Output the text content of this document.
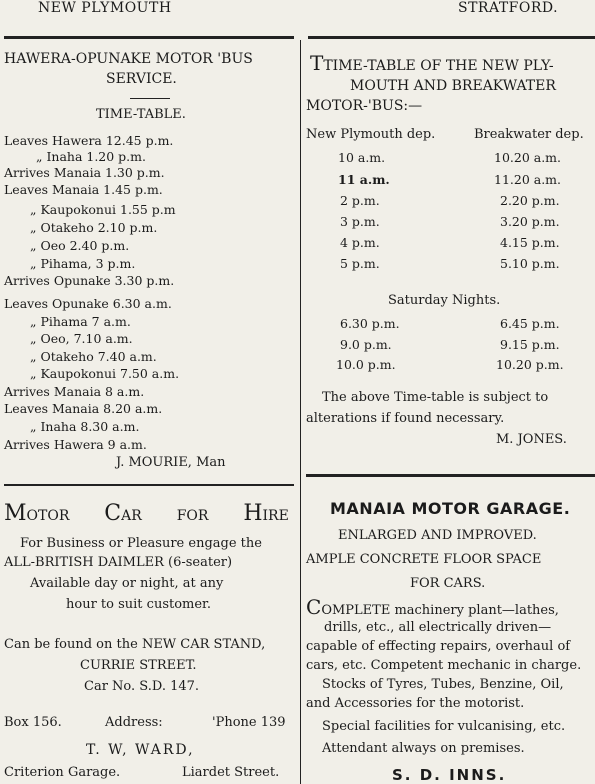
NEW PLYMOUTH	STRATFORD.
HAWERA-OPUNAKE MOTOR 'BUS
SERVICE.
TIME-TABLE.
Leaves Hawera 12.45 p.m.
„ Inaha 1.20 p.m.
Arrives Manaia 1.30 p.m.
Leaves Manaia 1.45 p.m.
„ Kaupokonui 1.55 p.m
„ Otakeho 2.10 p.m.
„ Oeo 2.40 p.m.
„ Pihama, 3 p.m.
Arrives Opunake 3.30 p.m.
Leaves Opunake 6.30 a.m.
„ Pihama 7 a.m.
„ Oeo, 7.10 a.m.
„ Otakeho 7.40 a.m.
„ Kaupokonui 7.50 a.m.
Arrives Manaia 8 a.m.
Leaves Manaia 8.20 a.m.
„ Inaha 8.30 a.m.
Arrives Hawera 9 a.m.
J. MOURIE, Man
MOTOR CAR FOR HIRE
For Business or Pleasure engage the
ALL-BRITISH DAIMLER (6-seater)
Available day or night, at any
hour to suit customer.
Can be found on the NEW CAR STAND,
CURRIE STREET.
Car No. S.D. 147.
Box 156.	Address:	'Phone 139
T. W, WARD,
Criterion Garage.	Liardet Street.
TTIME-TABLE OF THE NEW PLY-
MOUTH AND BREAKWATER
MOTOR-'BUS:—
New Plymouth dep.	Breakwater dep.
10 a.m.	10.20 a.m.
11 a.m.	11.20 a.m.
2 p.m.	2.20 p.m.
3 p.m.	3.20 p.m.
4 p.m.	4.15 p.m.
5 p.m.	5.10 p.m.
Saturday Nights.
6.30 p.m.	6.45 p.m.
9.0 p.m.	9.15 p.m.
10.0 p.m.	10.20 p.m.
The above Time-table is subject to
alterations if found necessary.
M. JONES.
MANAIA MOTOR GARAGE.
ENLARGED AND IMPROVED.
AMPLE CONCRETE FLOOR SPACE
FOR CARS.
COMPLETE machinery plant—lathes,
drills, etc., all electrically driven—
capable of effecting repairs, overhaul of
cars, etc. Competent mechanic in charge.
Stocks of Tyres, Tubes, Benzine, Oil,
and Accessories for the motorist.
Special facilities for vulcanising, etc.
Attendant always on premises.
S. D. INNS.
